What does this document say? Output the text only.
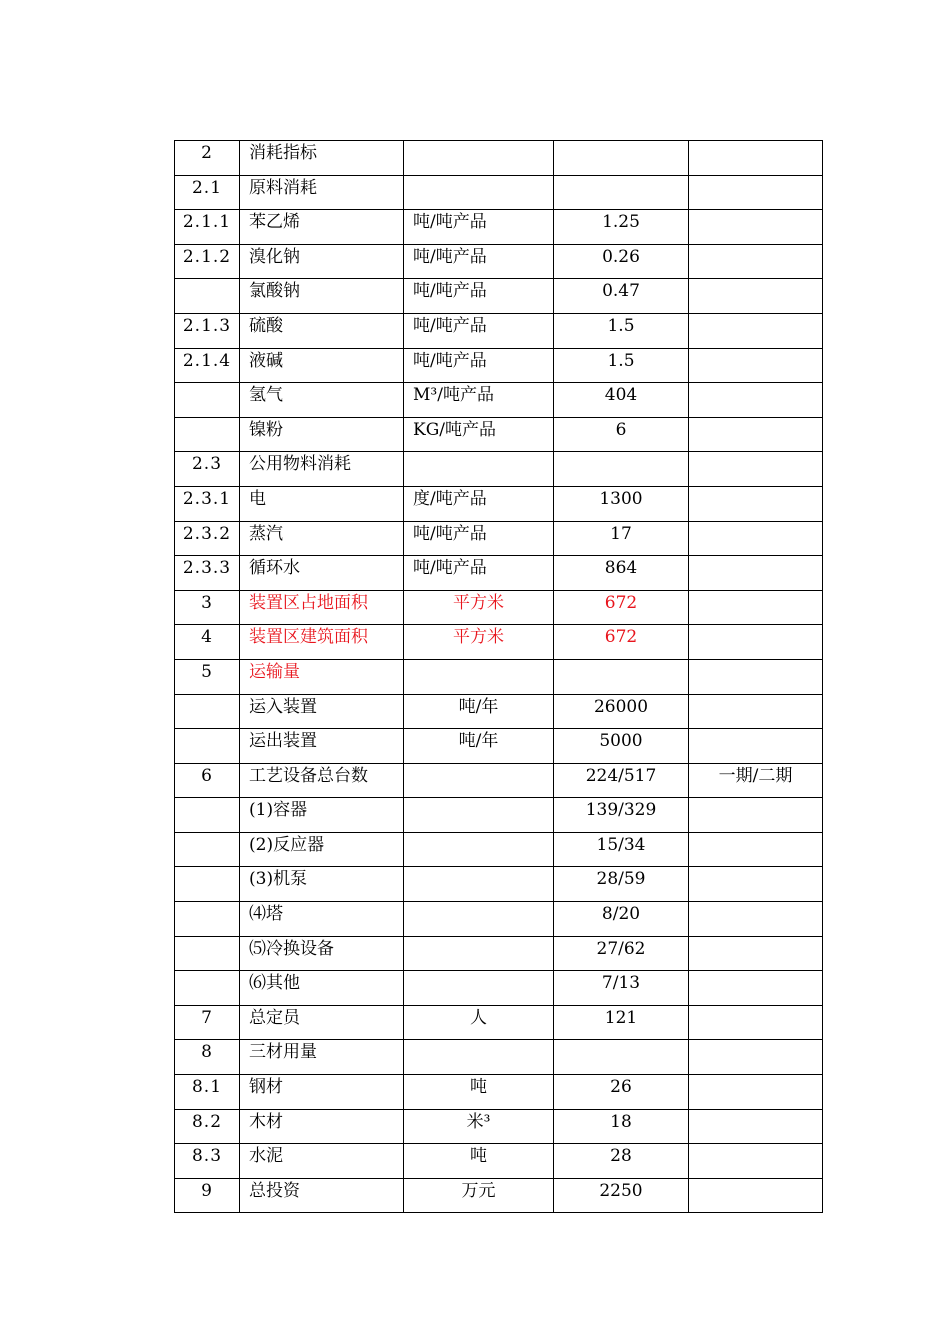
2	消耗指标			
2.1	原料消耗			
2.1.1	苯乙烯	吨/吨产品	1.25	
2.1.2	溴化钠	吨/吨产品	0.26	
	氯酸钠	吨/吨产品	0.47	
2.1.3	硫酸	吨/吨产品	1.5	
2.1.4	液碱	吨/吨产品	1.5	
	氢气	M³/吨产品	404	
	镍粉	KG/吨产品	6	
2.3	公用物料消耗			
2.3.1	电	度/吨产品	1300	
2.3.2	蒸汽	吨/吨产品	17	
2.3.3	循环水	吨/吨产品	864	
3	装置区占地面积	平方米	672	
4	装置区建筑面积	平方米	672	
5	运输量			
	运入装置	吨/年	26000	
	运出装置	吨/年	5000	
6	工艺设备总台数		224/517	一期/二期
	(1)容器		139/329	
	(2)反应器		15/34	
	(3)机泵		28/59	
	⑷塔		8/20	
	⑸冷换设备		27/62	
	⑹其他		7/13	
7	总定员	人	121	
8	三材用量			
8.1	钢材	吨	26	
8.2	木材	米³	18	
8.3	水泥	吨	28	
9	总投资	万元	2250	
